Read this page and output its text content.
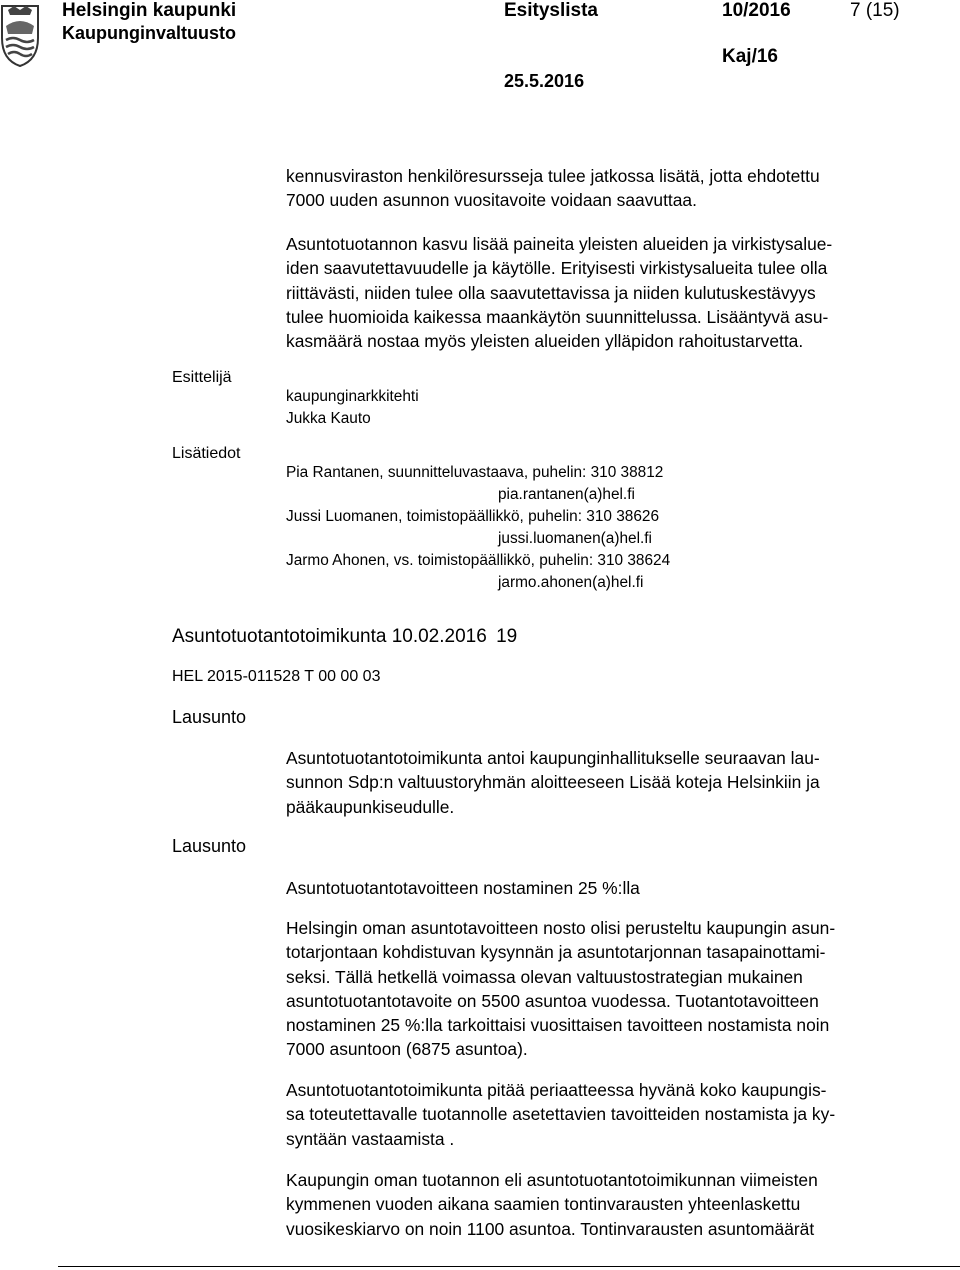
Helsingin kaupunki
Kaupunginvaltuusto
Esityslista	10/2016	7 (15)
Kaj/16
25.5.2016
kennusviraston henkilöresursseja tulee jatkossa lisätä, jotta ehdotettu
7000 uuden asunnon vuositavoite voidaan saavuttaa.
Asuntotuotannon kasvu lisää paineita yleisten alueiden ja virkistysalue-
iden saavutettavuudelle ja käytölle. Erityisesti virkistysalueita tulee olla
riittävästi, niiden tulee olla saavutettavissa ja niiden kulutuskestävyys
tulee huomioida kaikessa maankäytön suunnittelussa. Lisääntyvä asu-
kasmäärä nostaa myös yleisten alueiden ylläpidon rahoitustarvetta.
Esittelijä
kaupunginarkkitehti
Jukka Kauto
Lisätiedot
Pia Rantanen, suunnitteluvastaava, puhelin: 310 38812
pia.rantanen(a)hel.fi
Jussi Luomanen, toimistopäällikkö, puhelin: 310 38626
jussi.luomanen(a)hel.fi
Jarmo Ahonen, vs. toimistopäällikkö, puhelin: 310 38624
jarmo.ahonen(a)hel.fi
Asuntotuotantotoimikunta 10.02.2016 19
HEL 2015-011528 T 00 00 03
Lausunto
Lausunto
Asuntotuotantotoimikunta antoi kaupunginhallitukselle seuraavan lau-
sunnon Sdp:n valtuustoryhmän aloitteeseen Lisää koteja Helsinkiin ja
pääkaupunkiseudulle.
Asuntotuotantotavoitteen nostaminen 25 %:lla
Helsingin oman asuntotavoitteen nosto olisi perusteltu kaupungin asun-
totarjontaan kohdistuvan kysynnän ja asuntotarjonnan tasapainottami-
seksi. Tällä hetkellä voimassa olevan valtuustostrategian mukainen
asuntotuotantotavoite on 5500 asuntoa vuodessa. Tuotantotavoitteen
nostaminen 25 %:lla tarkoittaisi vuosittaisen tavoitteen nostamista noin
7000 asuntoon (6875 asuntoa).
Asuntotuotantotoimikunta pitää periaatteessa hyvänä koko kaupungis-
sa toteutettavalle tuotannolle asetettavien tavoitteiden nostamista ja ky-
syntään vastaamista .
Kaupungin oman tuotannon eli asuntotuotantotoimikunnan viimeisten
kymmenen vuoden aikana saamien tontinvarausten yhteenlaskettu
vuosikeskiarvo on noin 1100 asuntoa. Tontinvarausten asuntomäärät
